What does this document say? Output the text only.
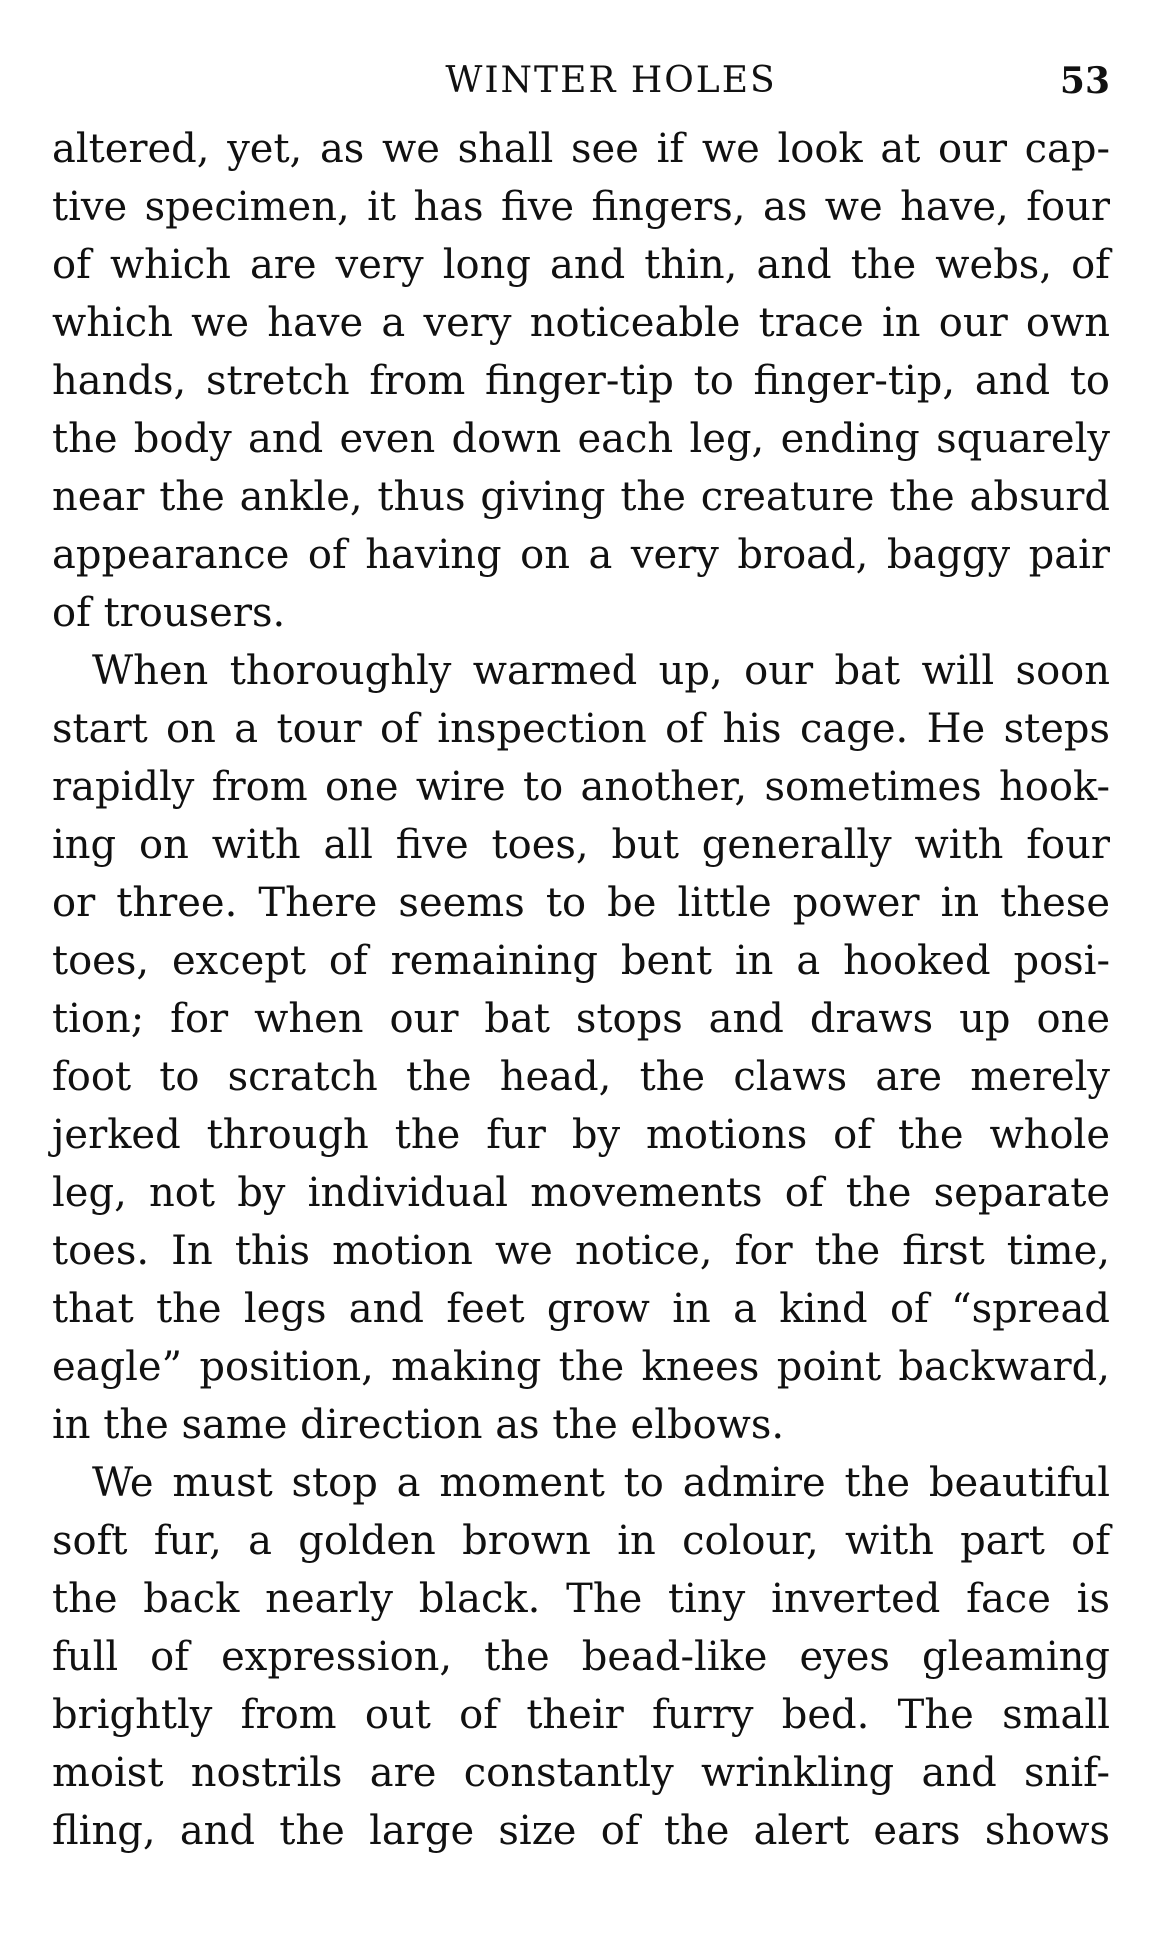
WINTER HOLES	53
altered, yet, as we shall see if we look at our cap-
tive specimen, it has five fingers, as we have, four
of which are very long and thin, and the webs, of
which we have a very noticeable trace in our own
hands, stretch from finger-tip to finger-tip, and to
the body and even down each leg, ending squarely
near the ankle, thus giving the creature the absurd
appearance of having on a very broad, baggy pair
of trousers.
When thoroughly warmed up, our bat will soon
start on a tour of inspection of his cage. He steps
rapidly from one wire to another, sometimes hook-
ing on with all five toes, but generally with four
or three. There seems to be little power in these
toes, except of remaining bent in a hooked posi-
tion; for when our bat stops and draws up one
foot to scratch the head, the claws are merely
jerked through the fur by motions of the whole
leg, not by individual movements of the separate
toes. In this motion we notice, for the first time,
that the legs and feet grow in a kind of “spread
eagle” position, making the knees point backward,
in the same direction as the elbows.
We must stop a moment to admire the beautiful
soft fur, a golden brown in colour, with part of
the back nearly black. The tiny inverted face is
full of expression, the bead-like eyes gleaming
brightly from out of their furry bed. The small
moist nostrils are constantly wrinkling and snif-
fling, and the large size of the alert ears shows
